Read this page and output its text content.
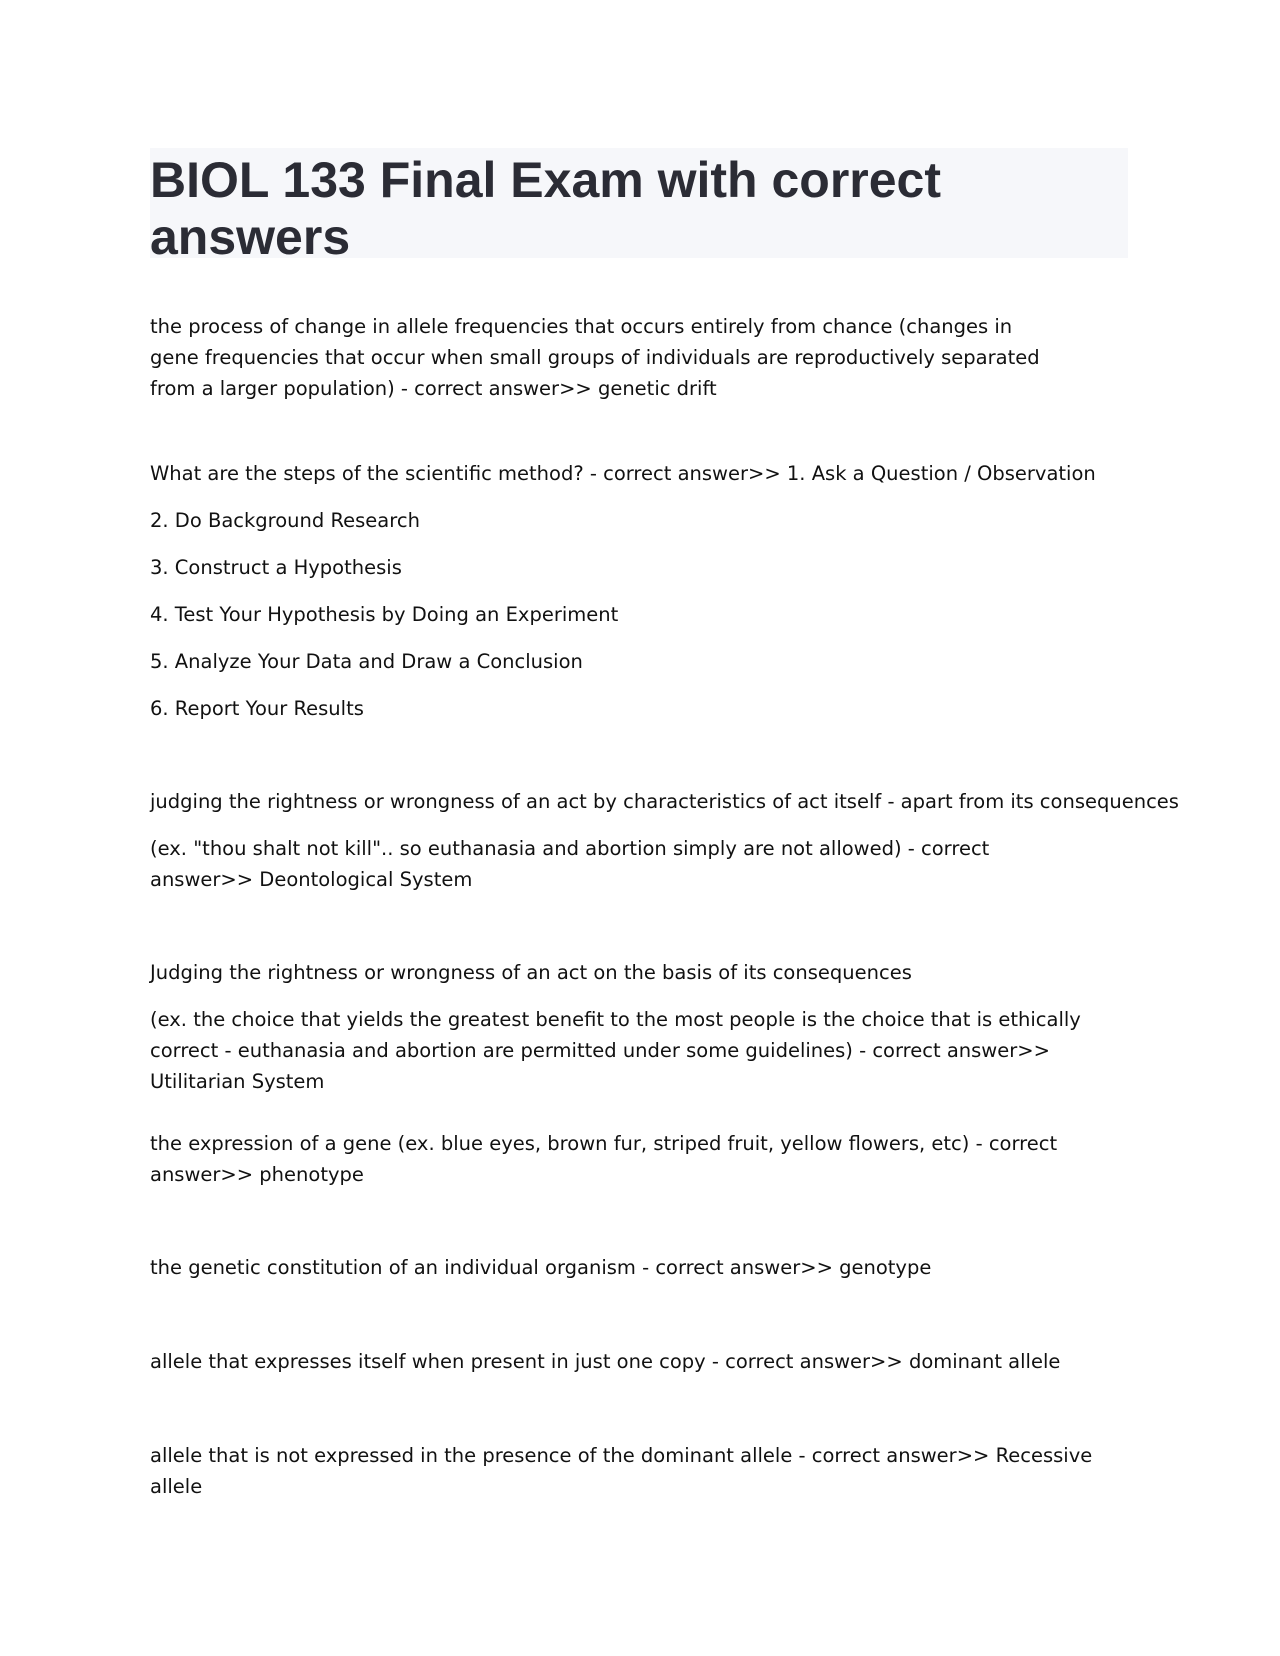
BIOL 133 Final Exam with correct answers

the process of change in allele frequencies that occurs entirely from chance (changes in gene frequencies that occur when small groups of individuals are reproductively separated from a larger population) - correct answer>> genetic drift

What are the steps of the scientific method? - correct answer>> 1. Ask a Question / Observation

2. Do Background Research

3. Construct a Hypothesis

4. Test Your Hypothesis by Doing an Experiment

5. Analyze Your Data and Draw a Conclusion

6. Report Your Results

judging the rightness or wrongness of an act by characteristics of act itself - apart from its consequences

(ex. "thou shalt not kill".. so euthanasia and abortion simply are not allowed) - correct answer>> Deontological System

Judging the rightness or wrongness of an act on the basis of its consequences

(ex. the choice that yields the greatest benefit to the most people is the choice that is ethically correct - euthanasia and abortion are permitted under some guidelines) - correct answer>> Utilitarian System

the expression of a gene (ex. blue eyes, brown fur, striped fruit, yellow flowers, etc) - correct answer>> phenotype

the genetic constitution of an individual organism - correct answer>> genotype

allele that expresses itself when present in just one copy - correct answer>> dominant allele

allele that is not expressed in the presence of the dominant allele - correct answer>> Recessive allele
